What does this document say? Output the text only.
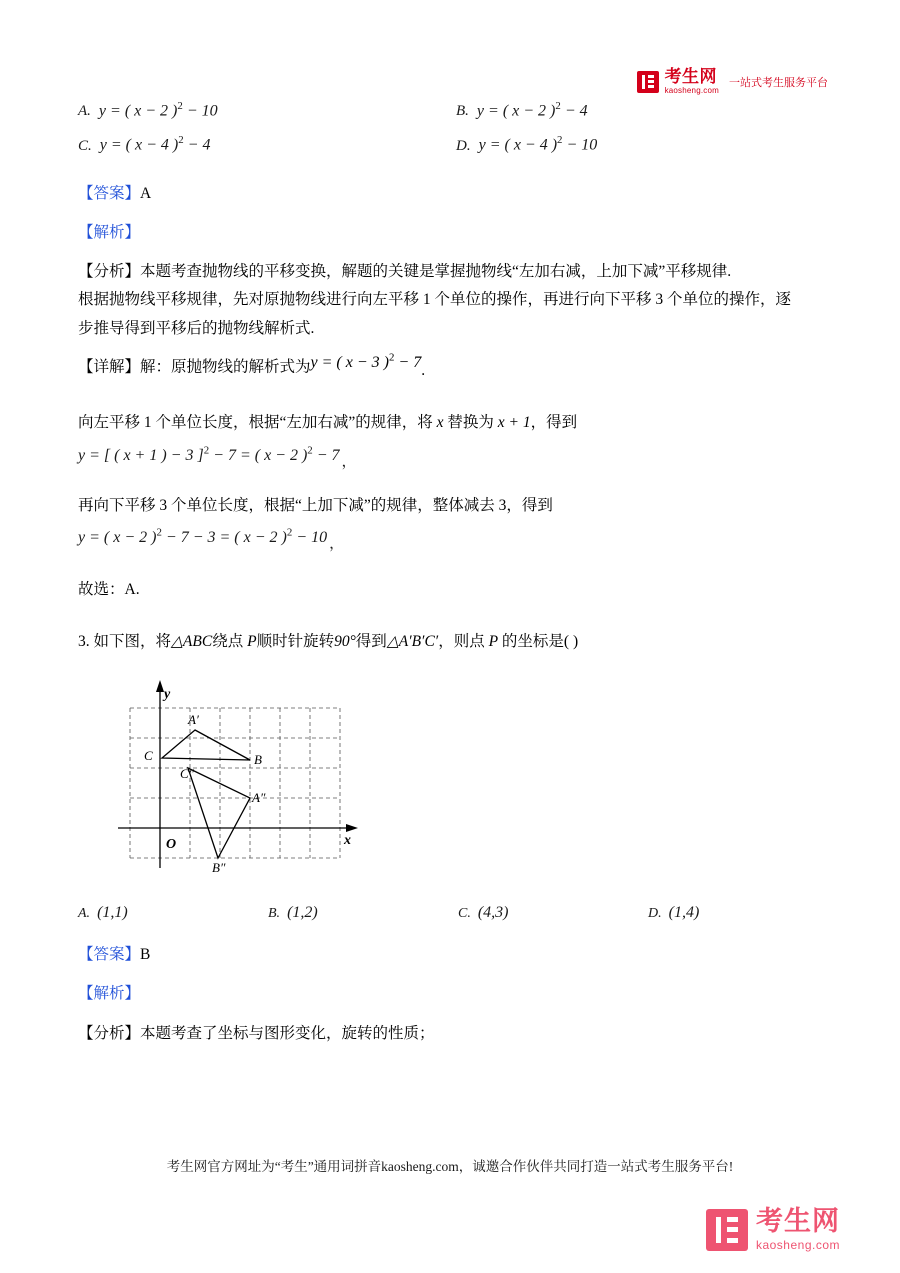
考生网
kaosheng.com
一站式考生服务平台
A. y = ( x − 2 )$^2$ − 10	B. y = ( x − 2 )$^2$ − 4
C. y = ( x − 4 )$^2$ − 4	D. y = ( x − 4 )$^2$ − 10
【答案】A
【解析】
【分析】本题考查抛物线的平移变换，解题的关键是掌握抛物线“左加右减，上加下减”平移规律.
根据抛物线平移规律，先对原抛物线进行向左平移 1 个单位的操作，再进行向下平移 3 个单位的操作，逐
步推导得到平移后的抛物线解析式.
【详解】解：原抛物线的解析式为y = ( x − 3 )$^2$ − 7.
向左平移 1 个单位长度，根据“左加右减”的规律，将 x 替换为 x + 1，得到
y = [ ( x + 1 ) − 3 ]$^2$ − 7 = ( x − 2 )$^2$ − 7 ，
再向下平移 3 个单位长度，根据“上加下减”的规律，整体减去 3，得到
y = ( x − 2 )$^2$ − 7 − 3 = ( x − 2 )$^2$ − 10 ，
故选：A.
3. 如下图，将△ABC绕点 P顺时针旋转90°得到△A′B′C′，则点 P 的坐标是( )
y
x
O
A′
B
C
C″
A″
B″
A. (1,1)	B. (1,2)	C. (4,3)	D. (1,4)
【答案】B
【解析】
【分析】本题考查了坐标与图形变化，旋转的性质；
考生网官方网址为“考生”通用词拼音kaosheng.com，诚邀合作伙伴共同打造一站式考生服务平台!
考生网
kaosheng.com
